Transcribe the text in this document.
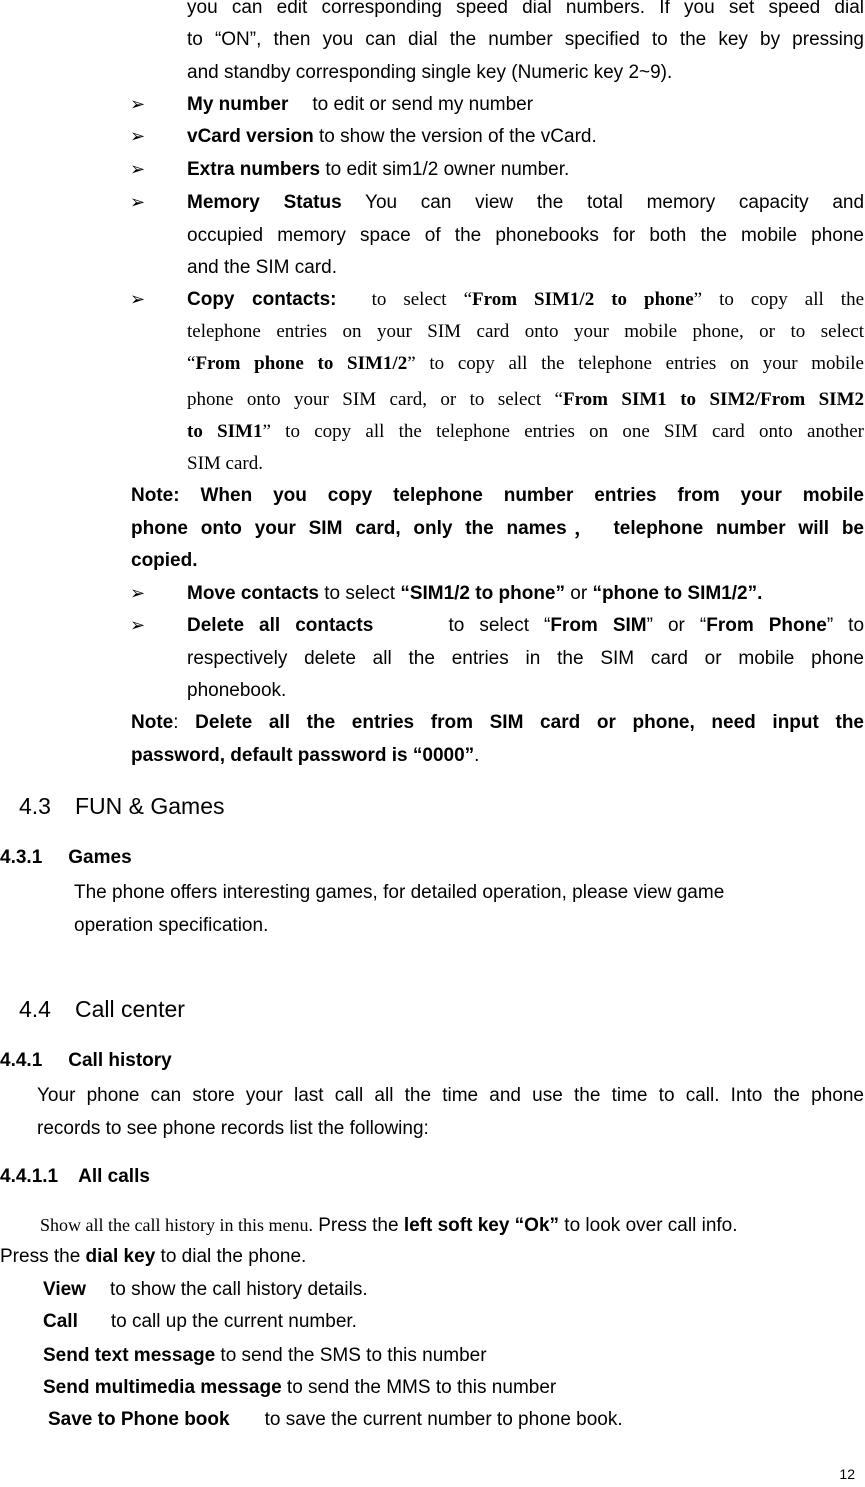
you can edit corresponding speed dial numbers. If you set speed dial
to “ON”, then you can dial the number specified to the key by pressing
and standby corresponding single key (Numeric key 2~9).
➢ My number to edit or send my number
➢ vCard version to show the version of the vCard.
➢ Extra numbers to edit sim1/2 owner number.
➢ Memory Status You can view the total memory capacity and
occupied memory space of the phonebooks for both the mobile phone
and the SIM card.
➢ Copy contacts: to select “From SIM1/2 to phone” to copy all the
telephone entries on your SIM card onto your mobile phone, or to select
“From phone to SIM1/2” to copy all the telephone entries on your mobile
phone onto your SIM card, or to select “From SIM1 to SIM2/From SIM2
to SIM1” to copy all the telephone entries on one SIM card onto another
SIM card.
Note: When you copy telephone number entries from your mobile
phone onto your SIM card, only the names， telephone number will be
copied.
➢ Move contacts to select “SIM1/2 to phone” or “phone to SIM1/2”.
➢ Delete all contacts	to select “From SIM” or “From Phone” to
respectively delete all the entries in the SIM card or mobile phone
phonebook.
Note: Delete all the entries from SIM card or phone, need input the
password, default password is “0000”.
4.3 FUN & Games
4.3.1 Games
The phone offers interesting games, for detailed operation, please view game
operation specification.
4.4 Call center
4.4.1 Call history
Your phone can store your last call all the time and use the time to call. Into the phone
records to see phone records list the following:
4.4.1.1 All calls
Show all the call history in this menu. Press the left soft key “Ok” to look over call info.
Press the dial key to dial the phone.
View to show the call history details.
Call to call up the current number.
Send text message to send the SMS to this number
Send multimedia message to send the MMS to this number
Save to Phone book to save the current number to phone book.
12
